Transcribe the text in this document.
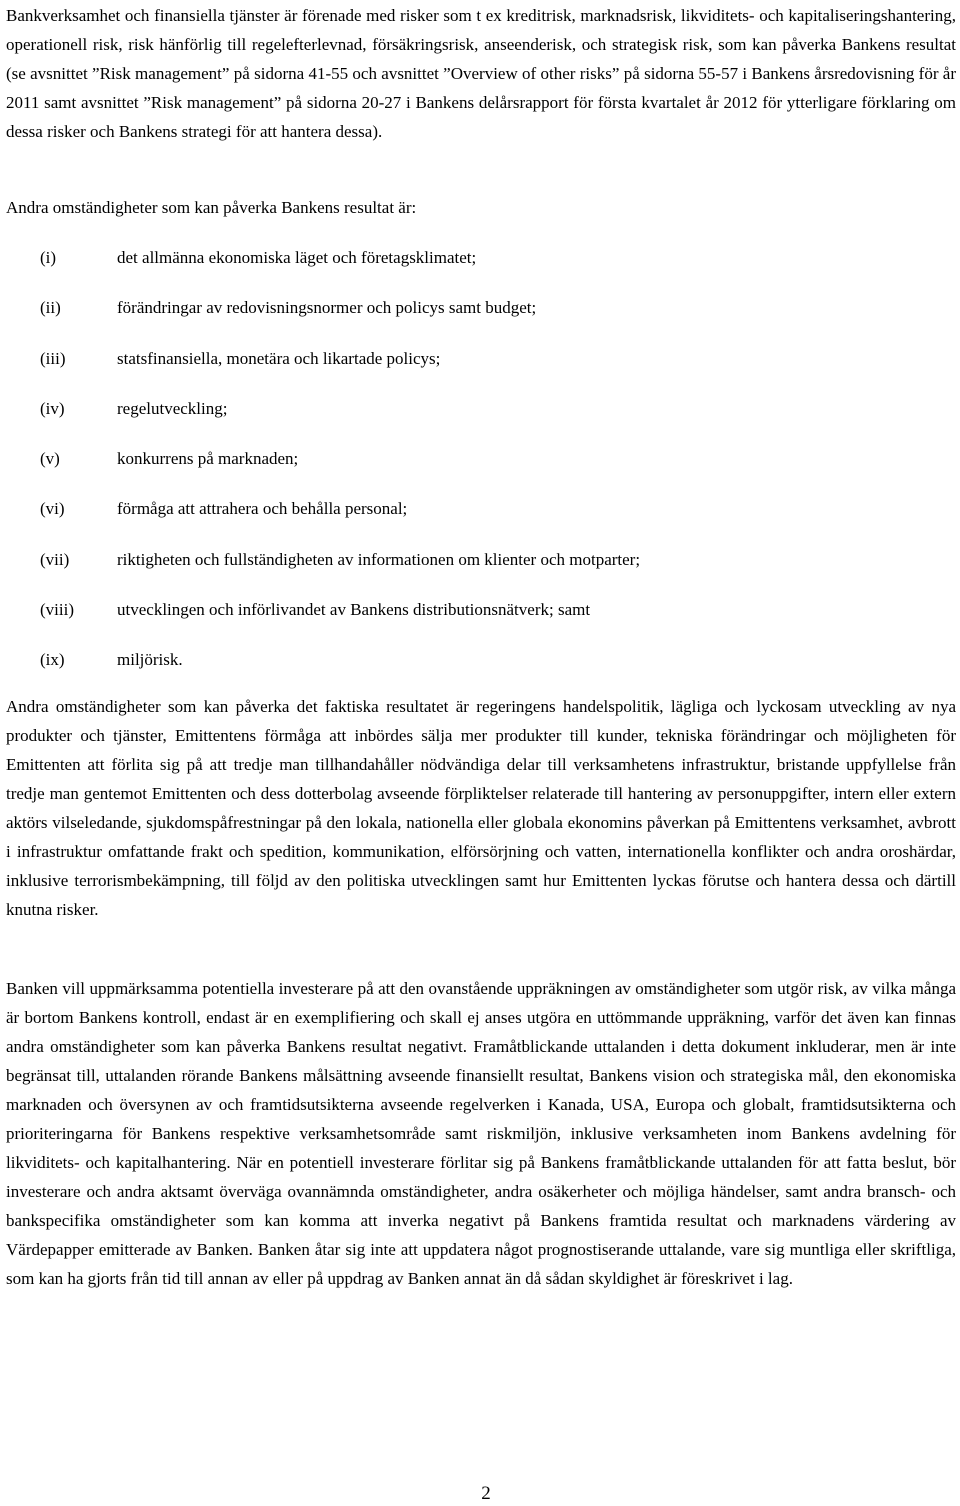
Bankverksamhet och finansiella tjänster är förenade med risker som t ex kreditrisk, marknadsrisk, likviditets- och kapitaliseringshantering, operationell risk, risk hänförlig till regelefterlevnad, försäkringsrisk, anseenderisk, och strategisk risk, som kan påverka Bankens resultat (se avsnittet ”Risk management” på sidorna 41-55 och avsnittet ”Overview of other risks” på sidorna 55-57 i Bankens årsredovisning för år 2011 samt avsnittet ”Risk management” på sidorna 20-27 i Bankens delårsrapport för första kvartalet år 2012 för ytterligare förklaring om dessa risker och Bankens strategi för att hantera dessa).

Andra omständigheter som kan påverka Bankens resultat är:

(i)	det allmänna ekonomiska läget och företagsklimatet;
(ii)	förändringar av redovisningsnormer och policys samt budget;
(iii)	statsfinansiella, monetära och likartade policys;
(iv)	regelutveckling;
(v)	konkurrens på marknaden;
(vi)	förmåga att attrahera och behålla personal;
(vii)	riktigheten och fullständigheten av informationen om klienter och motparter;
(viii)	utvecklingen och införlivandet av Bankens distributionsnätverk; samt
(ix)	miljörisk.

Andra omständigheter som kan påverka det faktiska resultatet är regeringens handelspolitik, lägliga och lyckosam utveckling av nya produkter och tjänster, Emittentens förmåga att inbördes sälja mer produkter till kunder, tekniska förändringar och möjligheten för Emittenten att förlita sig på att tredje man tillhandahåller nödvändiga delar till verksamhetens infrastruktur, bristande uppfyllelse från tredje man gentemot Emittenten och dess dotterbolag avseende förpliktelser relaterade till hantering av personuppgifter, intern eller extern aktörs vilseledande, sjukdomspåfrestningar på den lokala, nationella eller globala ekonomins påverkan på Emittentens verksamhet, avbrott i infrastruktur omfattande frakt och spedition, kommunikation, elförsörjning och vatten, internationella konflikter och andra oroshärdar, inklusive terrorismbekämpning, till följd av den politiska utvecklingen samt hur Emittenten lyckas förutse och hantera dessa och därtill knutna risker.

Banken vill uppmärksamma potentiella investerare på att den ovanstående uppräkningen av omständigheter som utgör risk, av vilka många är bortom Bankens kontroll, endast är en exemplifiering och skall ej anses utgöra en uttömmande uppräkning, varför det även kan finnas andra omständigheter som kan påverka Bankens resultat negativt. Framåtblickande uttalanden i detta dokument inkluderar, men är inte begränsat till, uttalanden rörande Bankens målsättning avseende finansiellt resultat, Bankens vision och strategiska mål, den ekonomiska marknaden och översynen av och framtidsutsikterna avseende regelverken i Kanada, USA, Europa och globalt, framtidsutsikterna och prioriteringarna för Bankens respektive verksamhetsområde samt riskmiljön, inklusive verksamheten inom Bankens avdelning för likviditets- och kapitalhantering. När en potentiell investerare förlitar sig på Bankens framåtblickande uttalanden för att fatta beslut, bör investerare och andra aktsamt överväga ovannämnda omständigheter, andra osäkerheter och möjliga händelser, samt andra bransch- och bankspecifika omständigheter som kan komma att inverka negativt på Bankens framtida resultat och marknadens värdering av Värdepapper emitterade av Banken. Banken åtar sig inte att uppdatera något prognostiserande uttalande, vare sig muntliga eller skriftliga, som kan ha gjorts från tid till annan av eller på uppdrag av Banken annat än då sådan skyldighet är föreskrivet i lag.

2
